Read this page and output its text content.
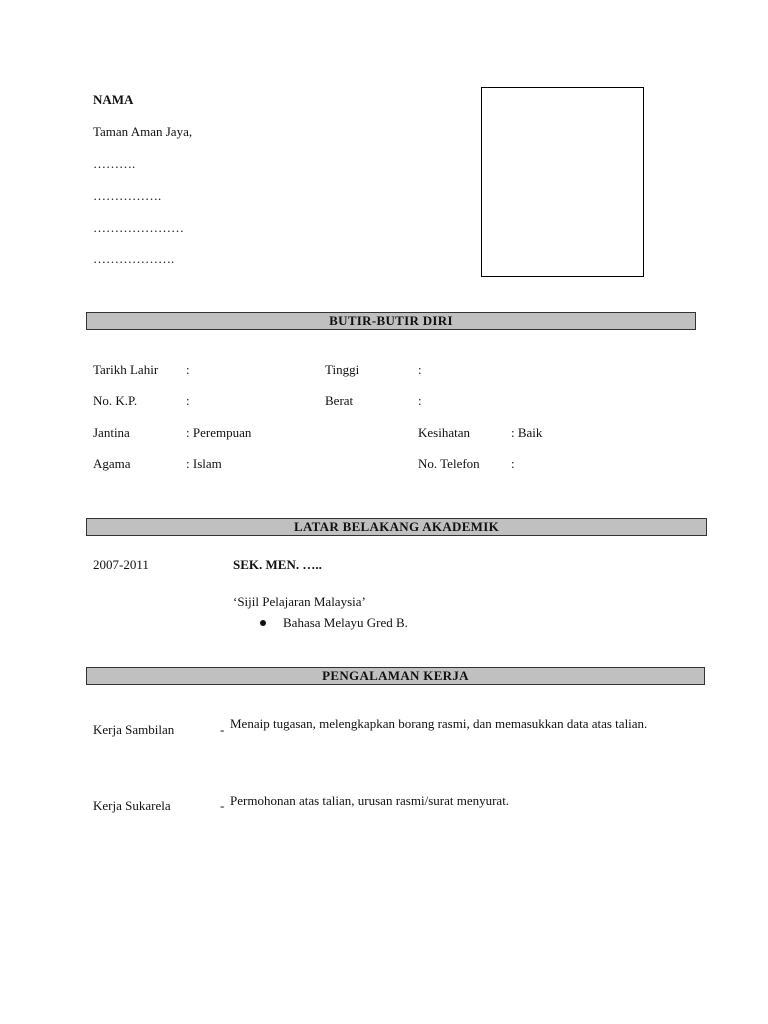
NAMA
Taman Aman Jaya,
……….
…………….
…………………
……………….
BUTIR-BUTIR DIRI
Tarikh Lahir :	Tinggi	:
No. K.P.	:	Berat	:
Jantina	: Perempuan	Kesihatan	: Baik
Agama	: Islam	No. Telefon :
LATAR BELAKANG AKADEMIK
2007-2011	SEK. MEN. …..
‘Sijil Pelajaran Malaysia’
Bahasa Melayu Gred B.
PENGALAMAN KERJA
Kerja Sambilan	- Menaip tugasan, melengkapkan borang rasmi, dan memasukkan data atas talian.
Kerja Sukarela	- Permohonan atas talian, urusan rasmi/surat menyurat.
